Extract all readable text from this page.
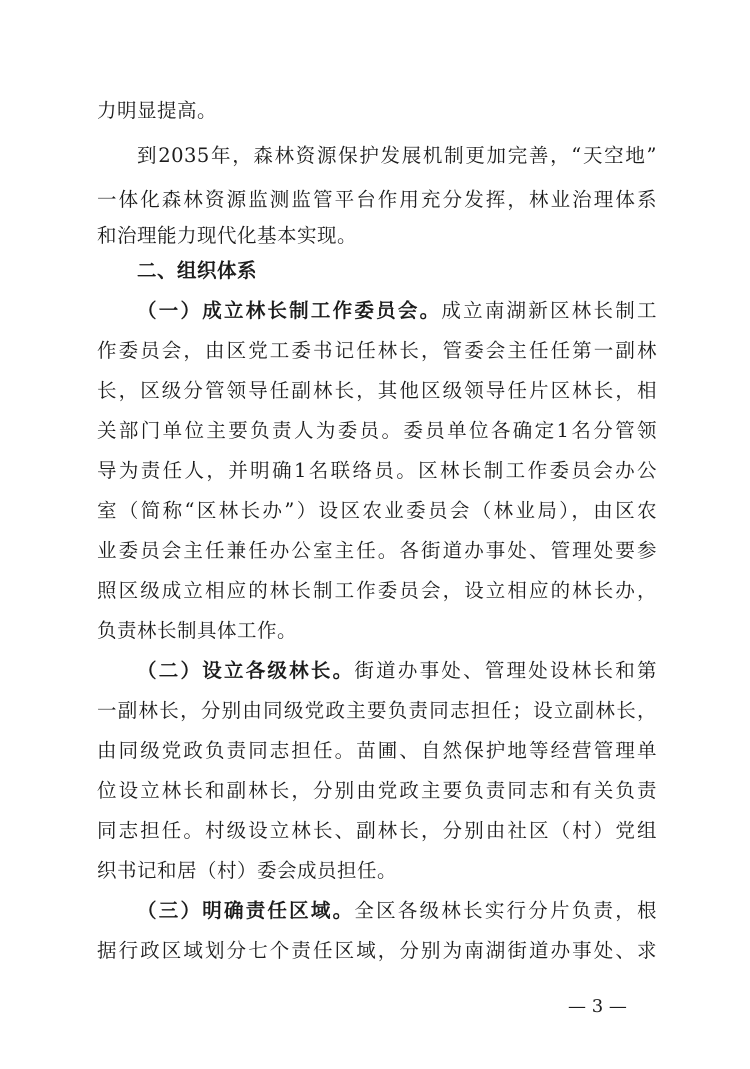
力明显提高。
到2035年，森林资源保护发展机制更加完善，“天空地”
一体化森林资源监测监管平台作用充分发挥，林业治理体系
和治理能力现代化基本实现。
二、组织体系
（一）成立林长制工作委员会。成立南湖新区林长制工
作委员会，由区党工委书记任林长，管委会主任任第一副林
长，区级分管领导任副林长，其他区级领导任片区林长，相
关部门单位主要负责人为委员。委员单位各确定1名分管领
导为责任人，并明确1名联络员。区林长制工作委员会办公
室（简称“区林长办”）设区农业委员会（林业局），由区农
业委员会主任兼任办公室主任。各街道办事处、管理处要参
照区级成立相应的林长制工作委员会，设立相应的林长办，
负责林长制具体工作。
（二）设立各级林长。街道办事处、管理处设林长和第
一副林长，分别由同级党政主要负责同志担任；设立副林长，
由同级党政负责同志担任。苗圃、自然保护地等经营管理单
位设立林长和副林长，分别由党政主要负责同志和有关负责
同志担任。村级设立林长、副林长，分别由社区（村）党组
织书记和居（村）委会成员担任。
（三）明确责任区域。全区各级林长实行分片负责，根
据行政区域划分七个责任区域，分别为南湖街道办事处、求
— 3 —
